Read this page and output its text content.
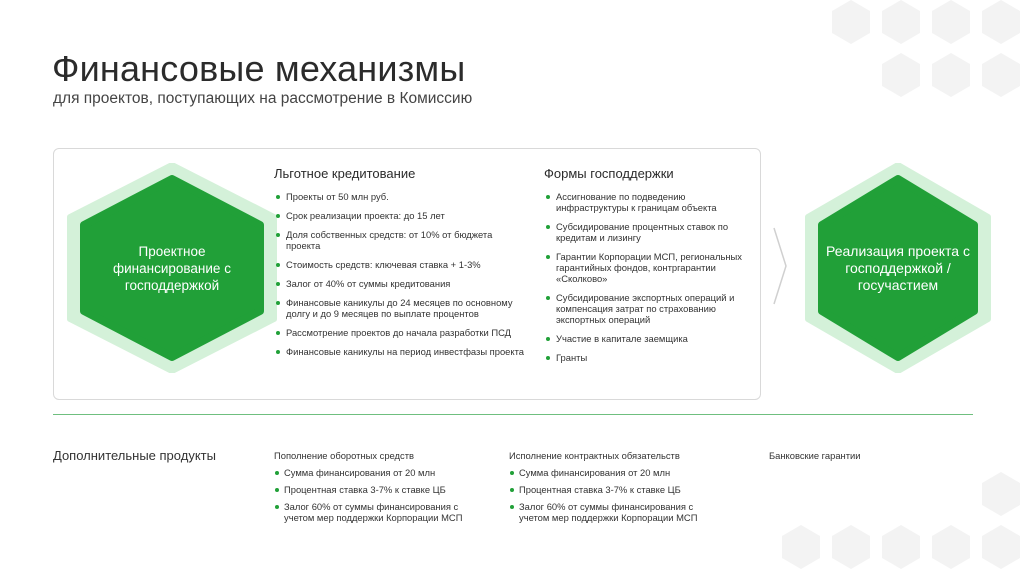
Финансовые механизмы

для проектов, поступающих на рассмотрение в Комиссию

Проектное финансирование с господдержкой
Реализация проекта с господдержкой / госучастием
Льготное кредитование
Проекты от 50 млн руб.
Срок реализации проекта: до 15 лет
Доля собственных средств: от 10% от бюджета проекта
Стоимость средств: ключевая ставка + 1-3%
Залог от 40% от суммы кредитования
Финансовые каникулы до 24 месяцев по основному долгу и до 9 месяцев по выплате процентов
Рассмотрение проектов до начала разработки ПСД
Финансовые каникулы на период инвестфазы проекта
Формы господдержки
Ассигнование по подведению инфраструктуры к границам объекта
Субсидирование процентных ставок по кредитам и лизингу
Гарантии Корпорации МСП, региональных гарантийных фондов, контргарантии «Сколково»
Субсидирование экспортных операций и компенсация затрат по страхованию экспортных операций
Участие в капитале заемщика
Гранты
Дополнительные продукты	Пополнение оборотных средств
Сумма финансирования от 20 млн
Процентная ставка 3-7% к ставке ЦБ
Залог 60% от суммы финансирования с учетом мер поддержки Корпорации МСП
Исполнение контрактных обязательств
Сумма финансирования от 20 млн
Процентная ставка 3-7% к ставке ЦБ
Залог 60% от суммы финансирования с учетом мер поддержки Корпорации МСП
Банковские гарантии
